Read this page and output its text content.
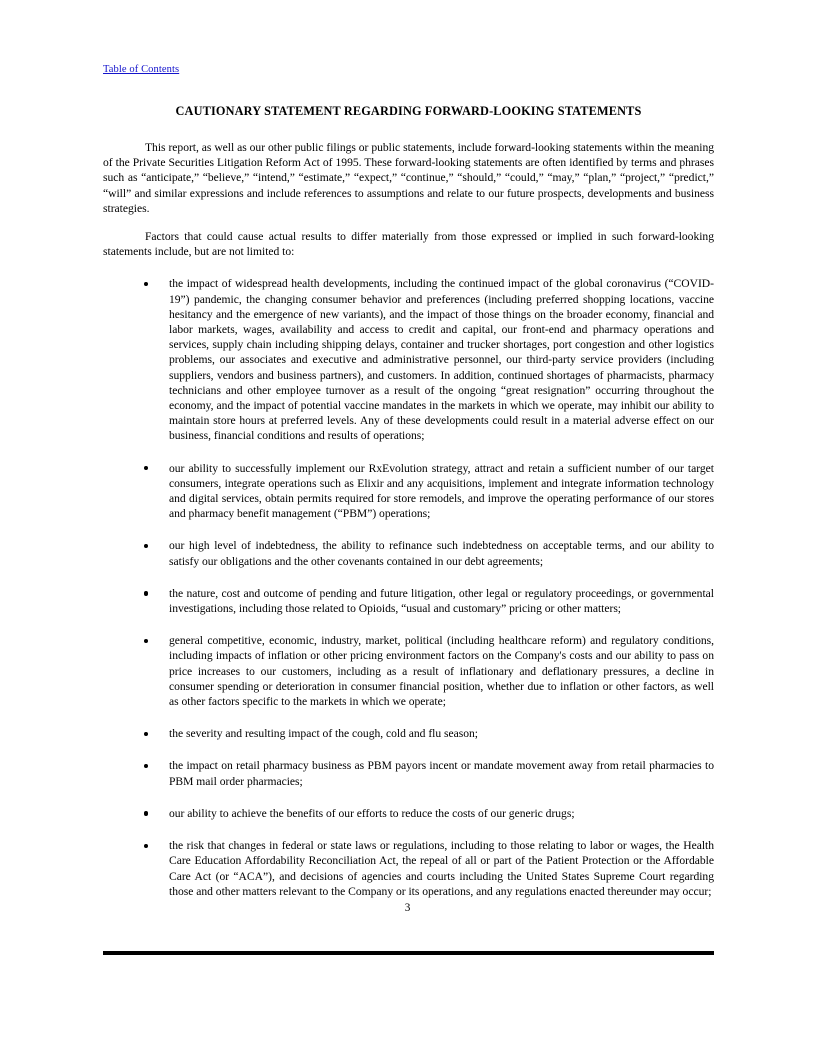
Table of Contents
CAUTIONARY STATEMENT REGARDING FORWARD-LOOKING STATEMENTS

This report, as well as our other public filings or public statements, include forward-looking statements within the meaning of the Private Securities Litigation Reform Act of 1995. These forward-looking statements are often identified by terms and phrases such as “anticipate,” “believe,” “intend,” “estimate,” “expect,” “continue,” “should,” “could,” “may,” “plan,” “project,” “predict,” “will” and similar expressions and include references to assumptions and relate to our future prospects, developments and business strategies.

Factors that could cause actual results to differ materially from those expressed or implied in such forward-looking statements include, but are not limited to:

the impact of widespread health developments, including the continued impact of the global coronavirus (“COVID-19”) pandemic, the changing consumer behavior and preferences (including preferred shopping locations, vaccine hesitancy and the emergence of new variants), and the impact of those things on the broader economy, financial and labor markets, wages, availability and access to credit and capital, our front-end and pharmacy operations and services, supply chain including shipping delays, container and trucker shortages, port congestion and other logistics problems, our associates and executive and administrative personnel, our third-party service providers (including suppliers, vendors and business partners), and customers. In addition, continued shortages of pharmacists, pharmacy technicians and other employee turnover as a result of the ongoing “great resignation” occurring throughout the economy, and the impact of potential vaccine mandates in the markets in which we operate, may inhibit our ability to maintain store hours at preferred levels. Any of these developments could result in a material adverse effect on our business, financial conditions and results of operations;
our ability to successfully implement our RxEvolution strategy, attract and retain a sufficient number of our target consumers, integrate operations such as Elixir and any acquisitions, implement and integrate information technology and digital services, obtain permits required for store remodels, and improve the operating performance of our stores and pharmacy benefit management (“PBM”) operations;
our high level of indebtedness, the ability to refinance such indebtedness on acceptable terms, and our ability to satisfy our obligations and the other covenants contained in our debt agreements;
the nature, cost and outcome of pending and future litigation, other legal or regulatory proceedings, or governmental investigations, including those related to Opioids, “usual and customary” pricing or other matters;
general competitive, economic, industry, market, political (including healthcare reform) and regulatory conditions, including impacts of inflation or other pricing environment factors on the Company's costs and our ability to pass on price increases to our customers, including as a result of inflationary and deflationary pressures, a decline in consumer spending or deterioration in consumer financial position, whether due to inflation or other factors, as well as other factors specific to the markets in which we operate;
the severity and resulting impact of the cough, cold and flu season;
the impact on retail pharmacy business as PBM payors incent or mandate movement away from retail pharmacies to PBM mail order pharmacies;
our ability to achieve the benefits of our efforts to reduce the costs of our generic drugs;
the risk that changes in federal or state laws or regulations, including to those relating to labor or wages, the Health Care Education Affordability Reconciliation Act, the repeal of all or part of the Patient Protection or the Affordable Care Act (or “ACA”), and decisions of agencies and courts including the United States Supreme Court regarding those and other matters relevant to the Company or its operations, and any regulations enacted thereunder may occur;
3
